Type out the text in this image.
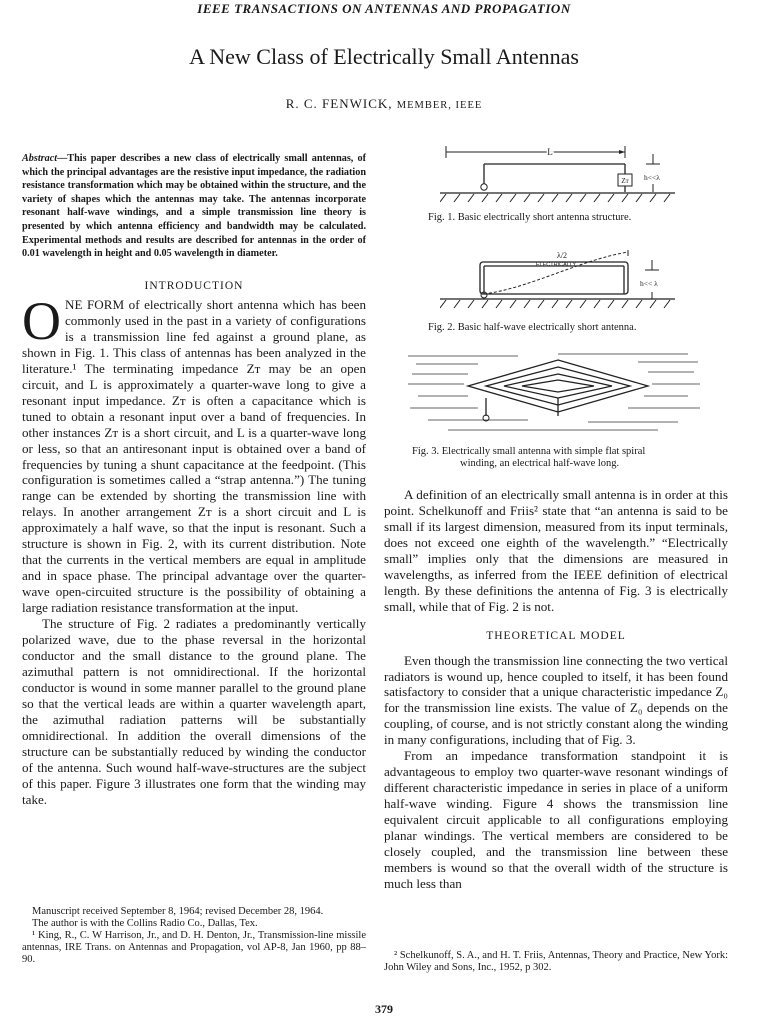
IEEE TRANSACTIONS ON ANTENNAS AND PROPAGATION
A New Class of Electrically Small Antennas
R. C. FENWICK, MEMBER, IEEE
Abstract—This paper describes a new class of electrically small antennas, of which the principal advantages are the resistive input impedance, the radiation resistance transformation which may be obtained within the structure, and the variety of shapes which the antennas may take. The antennas incorporate resonant half-wave windings, and a simple transmission line theory is presented by which antenna efficiency and bandwidth may be calculated. Experimental methods and results are described for antennas in the order of 0.01 wavelength in height and 0.05 wavelength in diameter.
INTRODUCTION

ONE FORM of electrically short antenna which has been commonly used in the past in a variety of configurations is a transmission line fed against a ground plane, as shown in Fig. 1. This class of antennas has been analyzed in the literature.¹ The terminating impedance Zᴛ may be an open circuit, and L is approximately a quarter-wave long to give a resonant input impedance. Zᴛ is often a capacitance which is tuned to obtain a resonant input over a band of frequencies. In other instances Zᴛ is a short circuit, and L is a quarter-wave long or less, so that an antiresonant input is obtained over a band of frequencies by tuning a shunt capacitance at the feedpoint. (This configuration is sometimes called a “strap antenna.”) The tuning range can be extended by shorting the transmission line with relays. In another arrangement Zᴛ is a short circuit and L is approximately a half wave, so that the input is resonant. Such a structure is shown in Fig. 2, with its current distribution. Note that the currents in the vertical members are equal in amplitude and in space phase. The principal advantage over the quarter-wave open-circuited structure is the possibility of obtaining a large radiation resistance transformation at the input.

The structure of Fig. 2 radiates a predominantly vertically polarized wave, due to the phase reversal in the horizontal conductor and the small distance to the ground plane. The azimuthal pattern is not omnidirectional. If the horizontal conductor is wound in some manner parallel to the ground plane so that the vertical leads are within a quarter wavelength apart, the azimuthal radiation patterns will be substantially omnidirectional. In addition the overall dimensions of the structure can be substantially reduced by winding the conductor of the antenna. Such wound half-wave-structures are the subject of this paper. Figure 3 illustrates one form that the winding may take.

Manuscript received September 8, 1964; revised December 28, 1964.

The author is with the Collins Radio Co., Dallas, Tex.

¹ King, R., C. W Harrison, Jr., and D. H. Denton, Jr., Transmission-line missile antennas, IRE Trans. on Antennas and Propagation, vol AP-8, Jan 1960, pp 88–90.

L
Zᴛ h<<λ
Fig. 1. Basic electrically short antenna structure.
λ/2
ELECTRICALLY
h<< λ
Fig. 2. Basic half-wave electrically short antenna.
Fig. 3. Electrically small antenna with simple flat spiral
winding, an electrical half-wave long.

A definition of an electrically small antenna is in order at this point. Schelkunoff and Friis² state that “an antenna is said to be small if its largest dimension, measured from its input terminals, does not exceed one eighth of the wavelength.” “Electrically small” implies only that the dimensions are measured in wavelengths, as inferred from the IEEE definition of electrical length. By these definitions the antenna of Fig. 3 is electrically small, while that of Fig. 2 is not.

THEORETICAL MODEL

Even though the transmission line connecting the two vertical radiators is wound up, hence coupled to itself, it has been found satisfactory to consider that a unique characteristic impedance Z₀ for the transmission line exists. The value of Z₀ depends on the coupling, of course, and is not strictly constant along the winding in many configurations, including that of Fig. 3.

From an impedance transformation standpoint it is advantageous to employ two quarter-wave resonant windings of different characteristic impedance in series in place of a uniform half-wave winding. Figure 4 shows the transmission line equivalent circuit applicable to all configurations employing planar windings. The vertical members are considered to be closely coupled, and the transmission line between these members is wound so that the overall width of the structure is much less than

² Schelkunoff, S. A., and H. T. Friis, Antennas, Theory and Practice, New York: John Wiley and Sons, Inc., 1952, p 302.

379
